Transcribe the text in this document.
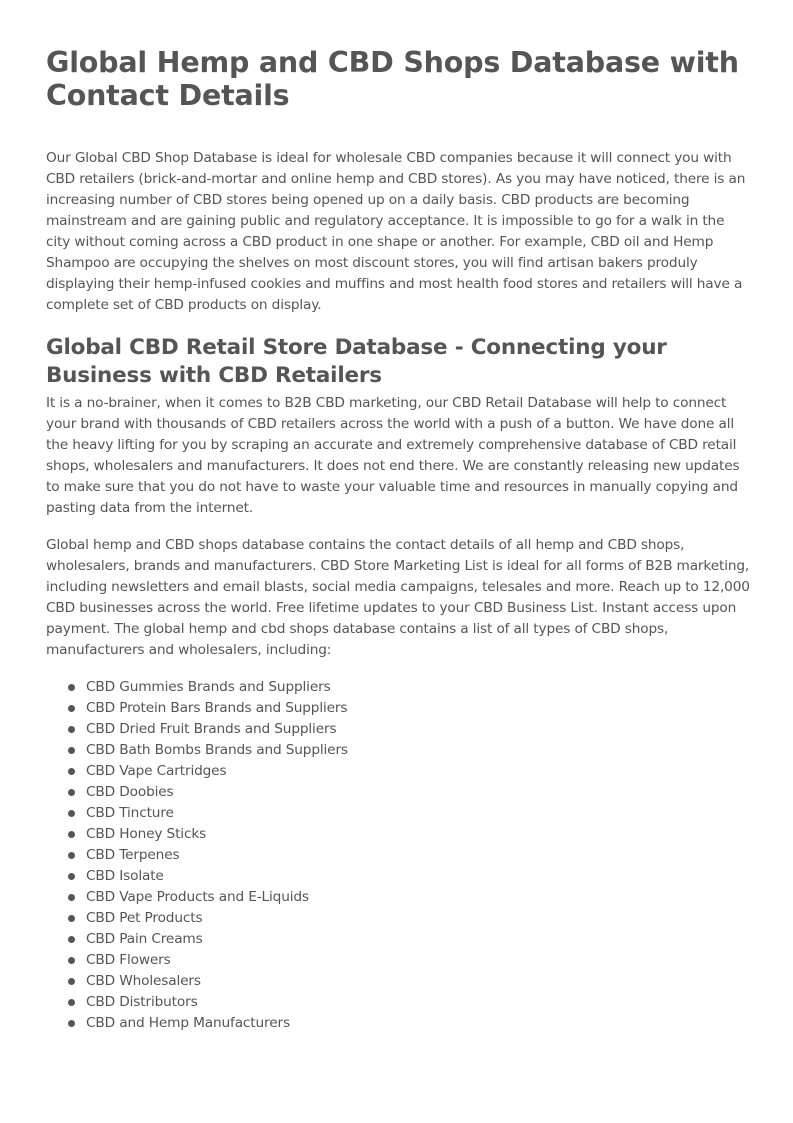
Global Hemp and CBD Shops Database with Contact Details

Our Global CBD Shop Database is ideal for wholesale CBD companies because it will connect you with CBD retailers (brick-and-mortar and online hemp and CBD stores). As you may have noticed, there is an increasing number of CBD stores being opened up on a daily basis. CBD products are becoming mainstream and are gaining public and regulatory acceptance. It is impossible to go for a walk in the city without coming across a CBD product in one shape or another. For example, CBD oil and Hemp Shampoo are occupying the shelves on most discount stores, you will find artisan bakers produly displaying their hemp-infused cookies and muffins and most health food stores and retailers will have a complete set of CBD products on display.

Global CBD Retail Store Database - Connecting your Business with CBD Retailers

It is a no-brainer, when it comes to B2B CBD marketing, our CBD Retail Database will help to connect your brand with thousands of CBD retailers across the world with a push of a button. We have done all the heavy lifting for you by scraping an accurate and extremely comprehensive database of CBD retail shops, wholesalers and manufacturers. It does not end there. We are constantly releasing new updates to make sure that you do not have to waste your valuable time and resources in manually copying and pasting data from the internet.

Global hemp and CBD shops database contains the contact details of all hemp and CBD shops, wholesalers, brands and manufacturers. CBD Store Marketing List is ideal for all forms of B2B marketing, including newsletters and email blasts, social media campaigns, telesales and more. Reach up to 12,000 CBD businesses across the world. Free lifetime updates to your CBD Business List. Instant access upon payment. The global hemp and cbd shops database contains a list of all types of CBD shops, manufacturers and wholesalers, including:

CBD Gummies Brands and Suppliers
CBD Protein Bars Brands and Suppliers
CBD Dried Fruit Brands and Suppliers
CBD Bath Bombs Brands and Suppliers
CBD Vape Cartridges
CBD Doobies
CBD Tincture
CBD Honey Sticks
CBD Terpenes
CBD Isolate
CBD Vape Products and E-Liquids
CBD Pet Products
CBD Pain Creams
CBD Flowers
CBD Wholesalers
CBD Distributors
CBD and Hemp Manufacturers
